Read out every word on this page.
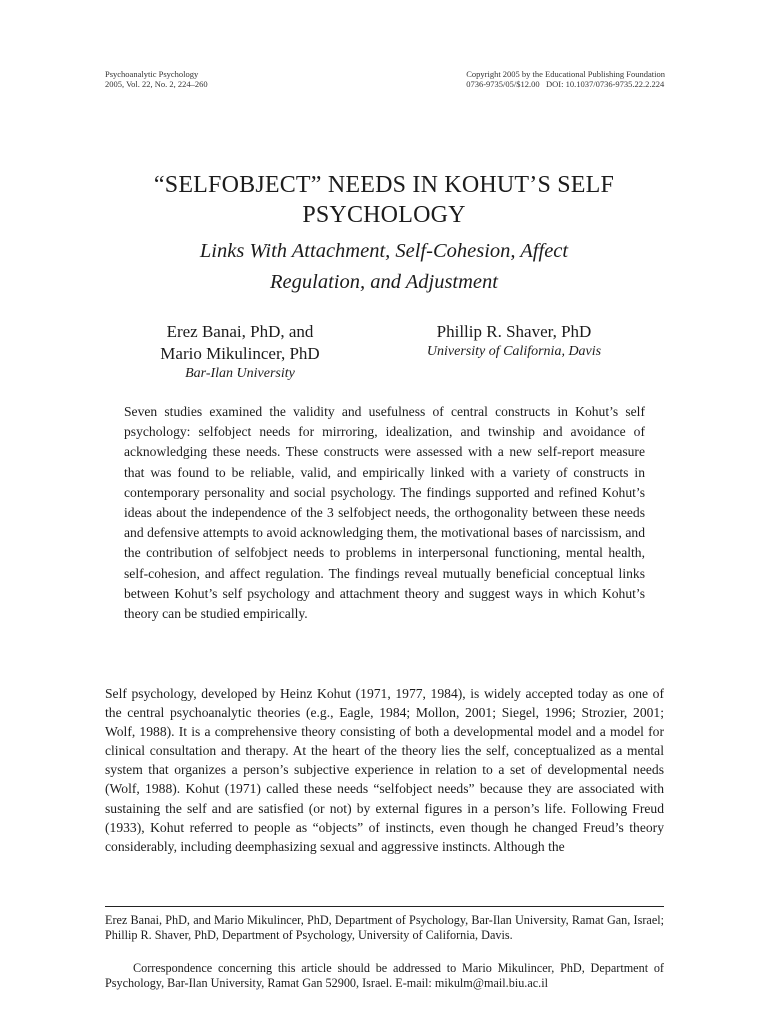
Psychoanalytic Psychology
2005, Vol. 22, No. 2, 224–260
Copyright 2005 by the Educational Publishing Foundation
0736-9735/05/$12.00   DOI: 10.1037/0736-9735.22.2.224
“SELFOBJECT” NEEDS IN KOHUT’S SELF
PSYCHOLOGY
Links With Attachment, Self-Cohesion, Affect
Regulation, and Adjustment
Erez Banai, PhD, and
Mario Mikulincer, PhD
Bar-Ilan University
Phillip R. Shaver, PhD
University of California, Davis

Seven studies examined the validity and usefulness of central constructs in Kohut’s self psychology: selfobject needs for mirroring, idealization, and twinship and avoidance of acknowledging these needs. These constructs were assessed with a new self-report measure that was found to be reliable, valid, and empirically linked with a variety of constructs in contemporary personality and social psychology. The findings supported and refined Kohut’s ideas about the independence of the 3 selfobject needs, the orthogonality between these needs and defensive attempts to avoid acknowledging them, the motivational bases of narcissism, and the contribution of selfobject needs to problems in interpersonal functioning, mental health, self-cohesion, and affect regulation. The findings reveal mutually beneficial conceptual links between Kohut’s self psychology and attachment theory and suggest ways in which Kohut’s theory can be studied empirically.

Self psychology, developed by Heinz Kohut (1971, 1977, 1984), is widely accepted today as one of the central psychoanalytic theories (e.g., Eagle, 1984; Mollon, 2001; Siegel, 1996; Strozier, 2001; Wolf, 1988). It is a comprehensive theory consisting of both a developmental model and a model for clinical consultation and therapy. At the heart of the theory lies the self, conceptualized as a mental system that organizes a person’s subjective experience in relation to a set of developmental needs (Wolf, 1988). Kohut (1971) called these needs “selfobject needs” because they are associated with sustaining the self and are satisfied (or not) by external figures in a person’s life. Following Freud (1933), Kohut referred to people as “objects” of instincts, even though he changed Freud’s theory considerably, including deemphasizing sexual and aggressive instincts. Although the

Erez Banai, PhD, and Mario Mikulincer, PhD, Department of Psychology, Bar-Ilan University, Ramat Gan, Israel; Phillip R. Shaver, PhD, Department of Psychology, University of California, Davis.

Correspondence concerning this article should be addressed to Mario Mikulincer, PhD, Department of Psychology, Bar-Ilan University, Ramat Gan 52900, Israel. E-mail: mikulm@mail.biu.ac.il
